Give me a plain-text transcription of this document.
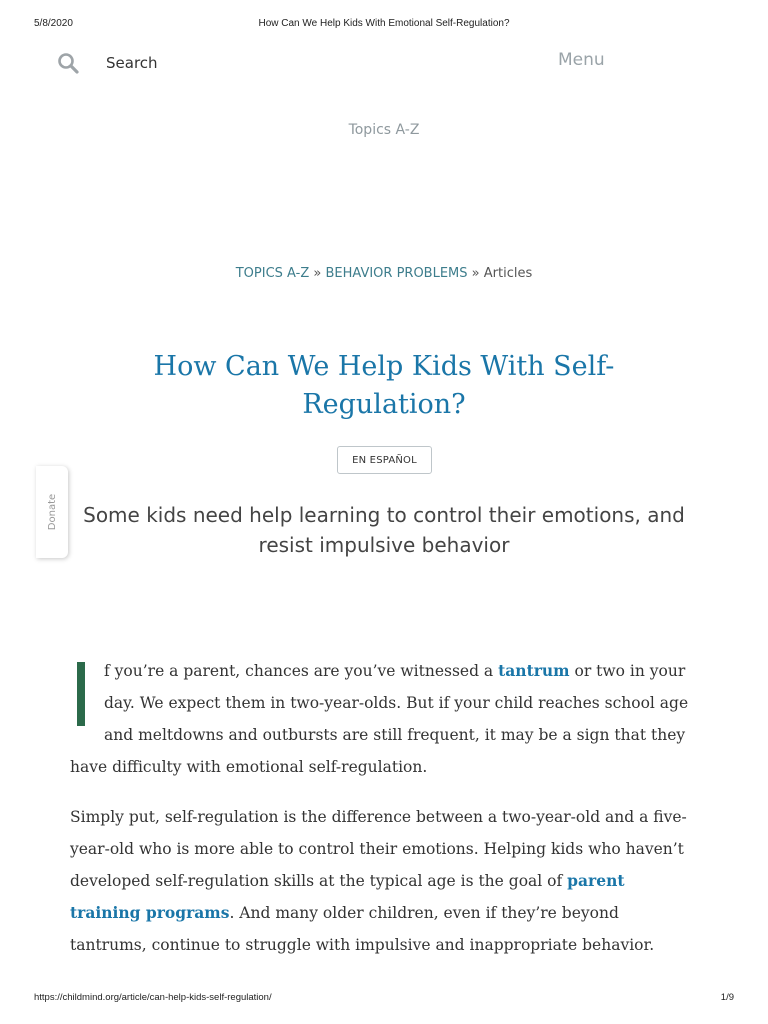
5/8/2020	How Can We Help Kids With Emotional Self-Regulation?
Search	Menu
Topics A-Z
TOPICS A-Z » BEHAVIOR PROBLEMS » Articles
How Can We Help Kids With Self-Regulation?
EN ESPAÑOL
Donate	Some kids need help learning to control their emotions, and resist impulsive behavior
f you’re a parent, chances are you’ve witnessed a tantrum or two in your
day. We expect them in two-year-olds. But if your child reaches school age
and meltdowns and outbursts are still frequent, it may be a sign that they
have difficulty with emotional self-regulation.
Simply put, self-regulation is the difference between a two-year-old and a five-year-old who is more able to control their emotions. Helping kids who haven’t developed self-regulation skills at the typical age is the goal of parent training programs. And many older children, even if they’re beyond tantrums, continue to struggle with impulsive and inappropriate behavior.
https://childmind.org/article/can-help-kids-self-regulation/	1/9
